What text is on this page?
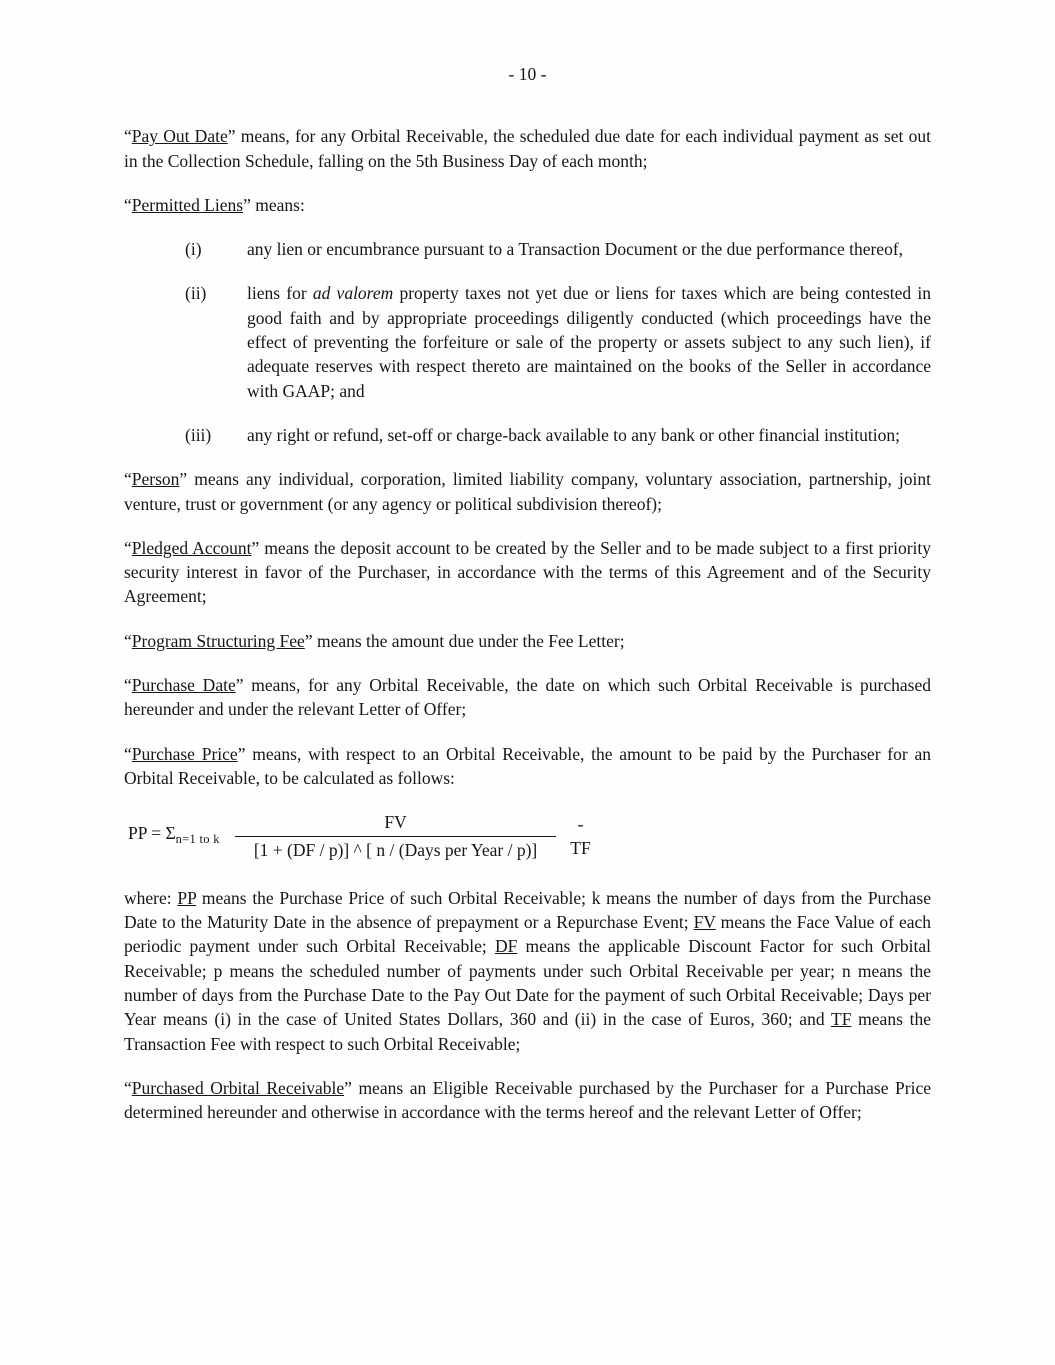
- 10 -

“Pay Out Date” means, for any Orbital Receivable, the scheduled due date for each individual payment as set out in the Collection Schedule, falling on the 5th Business Day of each month;

“Permitted Liens” means:

(i)	any lien or encumbrance pursuant to a Transaction Document or the due performance thereof,
(ii)	liens for ad valorem property taxes not yet due or liens for taxes which are being contested in good faith and by appropriate proceedings diligently conducted (which proceedings have the effect of preventing the forfeiture or sale of the property or assets subject to any such lien), if adequate reserves with respect thereto are maintained on the books of the Seller in accordance with GAAP; and
(iii)	any right or refund, set-off or charge-back available to any bank or other financial institution;

“Person” means any individual, corporation, limited liability company, voluntary association, partnership, joint venture, trust or government (or any agency or political subdivision thereof);

“Pledged Account” means the deposit account to be created by the Seller and to be made subject to a first priority security interest in favor of the Purchaser, in accordance with the terms of this Agreement and of the Security Agreement;

“Program Structuring Fee” means the amount due under the Fee Letter;

“Purchase Date” means, for any Orbital Receivable, the date on which such Orbital Receivable is purchased hereunder and under the relevant Letter of Offer;

“Purchase Price” means, with respect to an Orbital Receivable, the amount to be paid by the Purchaser for an Orbital Receivable, to be calculated as follows:

PP = $\Sigma_{n=1 to k} \frac{FV}{\text{[1 + (DF / p)] \textasciicircum{} [ n / (Days per Year / p)]}}$ -
TF

where: PP means the Purchase Price of such Orbital Receivable; k means the number of days from the Purchase Date to the Maturity Date in the absence of prepayment or a Repurchase Event; FV means the Face Value of each periodic payment under such Orbital Receivable; DF means the applicable Discount Factor for such Orbital Receivable; p means the scheduled number of payments under such Orbital Receivable per year; n means the number of days from the Purchase Date to the Pay Out Date for the payment of such Orbital Receivable; Days per Year means (i) in the case of United States Dollars, 360 and (ii) in the case of Euros, 360; and TF means the Transaction Fee with respect to such Orbital Receivable;

“Purchased Orbital Receivable” means an Eligible Receivable purchased by the Purchaser for a Purchase Price determined hereunder and otherwise in accordance with the terms hereof and the relevant Letter of Offer;
